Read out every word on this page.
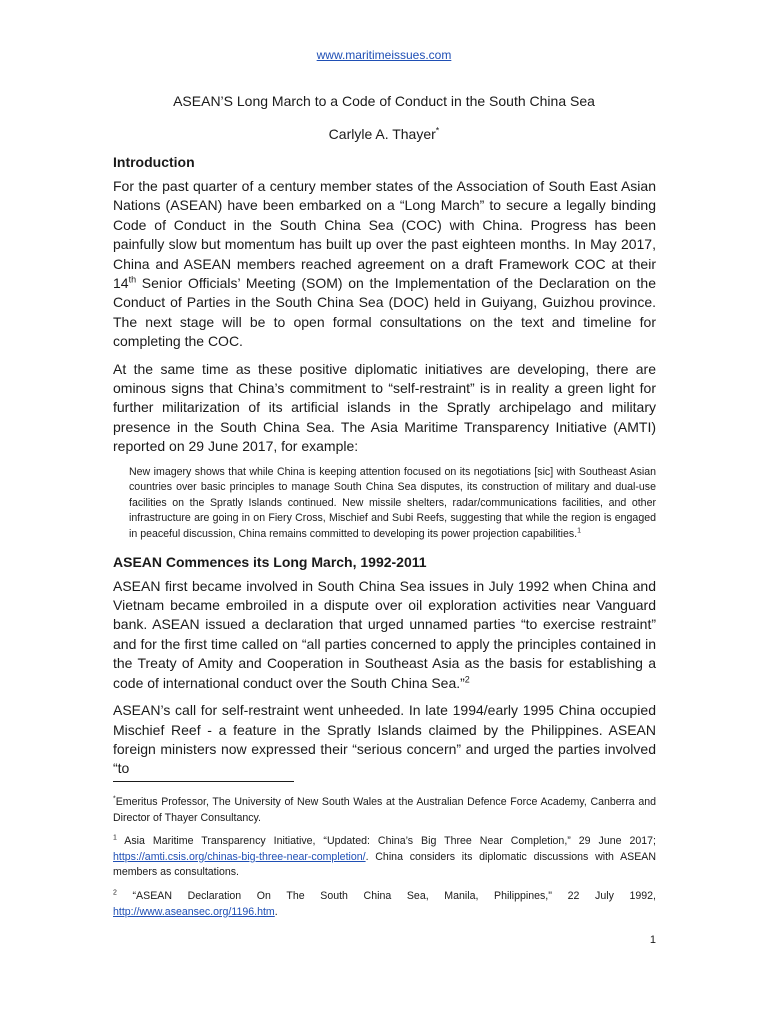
www.maritimeissues.com
ASEAN’S Long March to a Code of Conduct in the South China Sea
Carlyle A. Thayer*
Introduction

For the past quarter of a century member states of the Association of South East Asian Nations (ASEAN) have been embarked on a “Long March” to secure a legally binding Code of Conduct in the South China Sea (COC) with China. Progress has been painfully slow but momentum has built up over the past eighteen months. In May 2017, China and ASEAN members reached agreement on a draft Framework COC at their 14th Senior Officials’ Meeting (SOM) on the Implementation of the Declaration on the Conduct of Parties in the South China Sea (DOC) held in Guiyang, Guizhou province. The next stage will be to open formal consultations on the text and timeline for completing the COC.

At the same time as these positive diplomatic initiatives are developing, there are ominous signs that China’s commitment to “self-restraint” is in reality a green light for further militarization of its artificial islands in the Spratly archipelago and military presence in the South China Sea. The Asia Maritime Transparency Initiative (AMTI) reported on 29 June 2017, for example:

New imagery shows that while China is keeping attention focused on its negotiations [sic] with Southeast Asian countries over basic principles to manage South China Sea disputes, its construction of military and dual-use facilities on the Spratly Islands continued. New missile shelters, radar/communications facilities, and other infrastructure are going in on Fiery Cross, Mischief and Subi Reefs, suggesting that while the region is engaged in peaceful discussion, China remains committed to developing its power projection capabilities.$^1$
ASEAN Commences its Long March, 1992-2011

ASEAN first became involved in South China Sea issues in July 1992 when China and Vietnam became embroiled in a dispute over oil exploration activities near Vanguard bank. ASEAN issued a declaration that urged unnamed parties “to exercise restraint” and for the first time called on “all parties concerned to apply the principles contained in the Treaty of Amity and Cooperation in Southeast Asia as the basis for establishing a code of international conduct over the South China Sea.”$^2$

ASEAN’s call for self-restraint went unheeded. In late 1994/early 1995 China occupied Mischief Reef - a feature in the Spratly Islands claimed by the Philippines. ASEAN foreign ministers now expressed their “serious concern” and urged the parties involved “to

*Emeritus Professor, The University of New South Wales at the Australian Defence Force Academy, Canberra and Director of Thayer Consultancy.

$^1$ Asia Maritime Transparency Initiative, “Updated: China’s Big Three Near Completion,” 29 June 2017; https://amti.csis.org/chinas-big-three-near-completion/. China considers its diplomatic discussions with ASEAN members as consultations.

$^2$ “ASEAN Declaration On The South China Sea, Manila, Philippines," 22 July 1992, http://www.aseansec.org/1196.htm.

1
